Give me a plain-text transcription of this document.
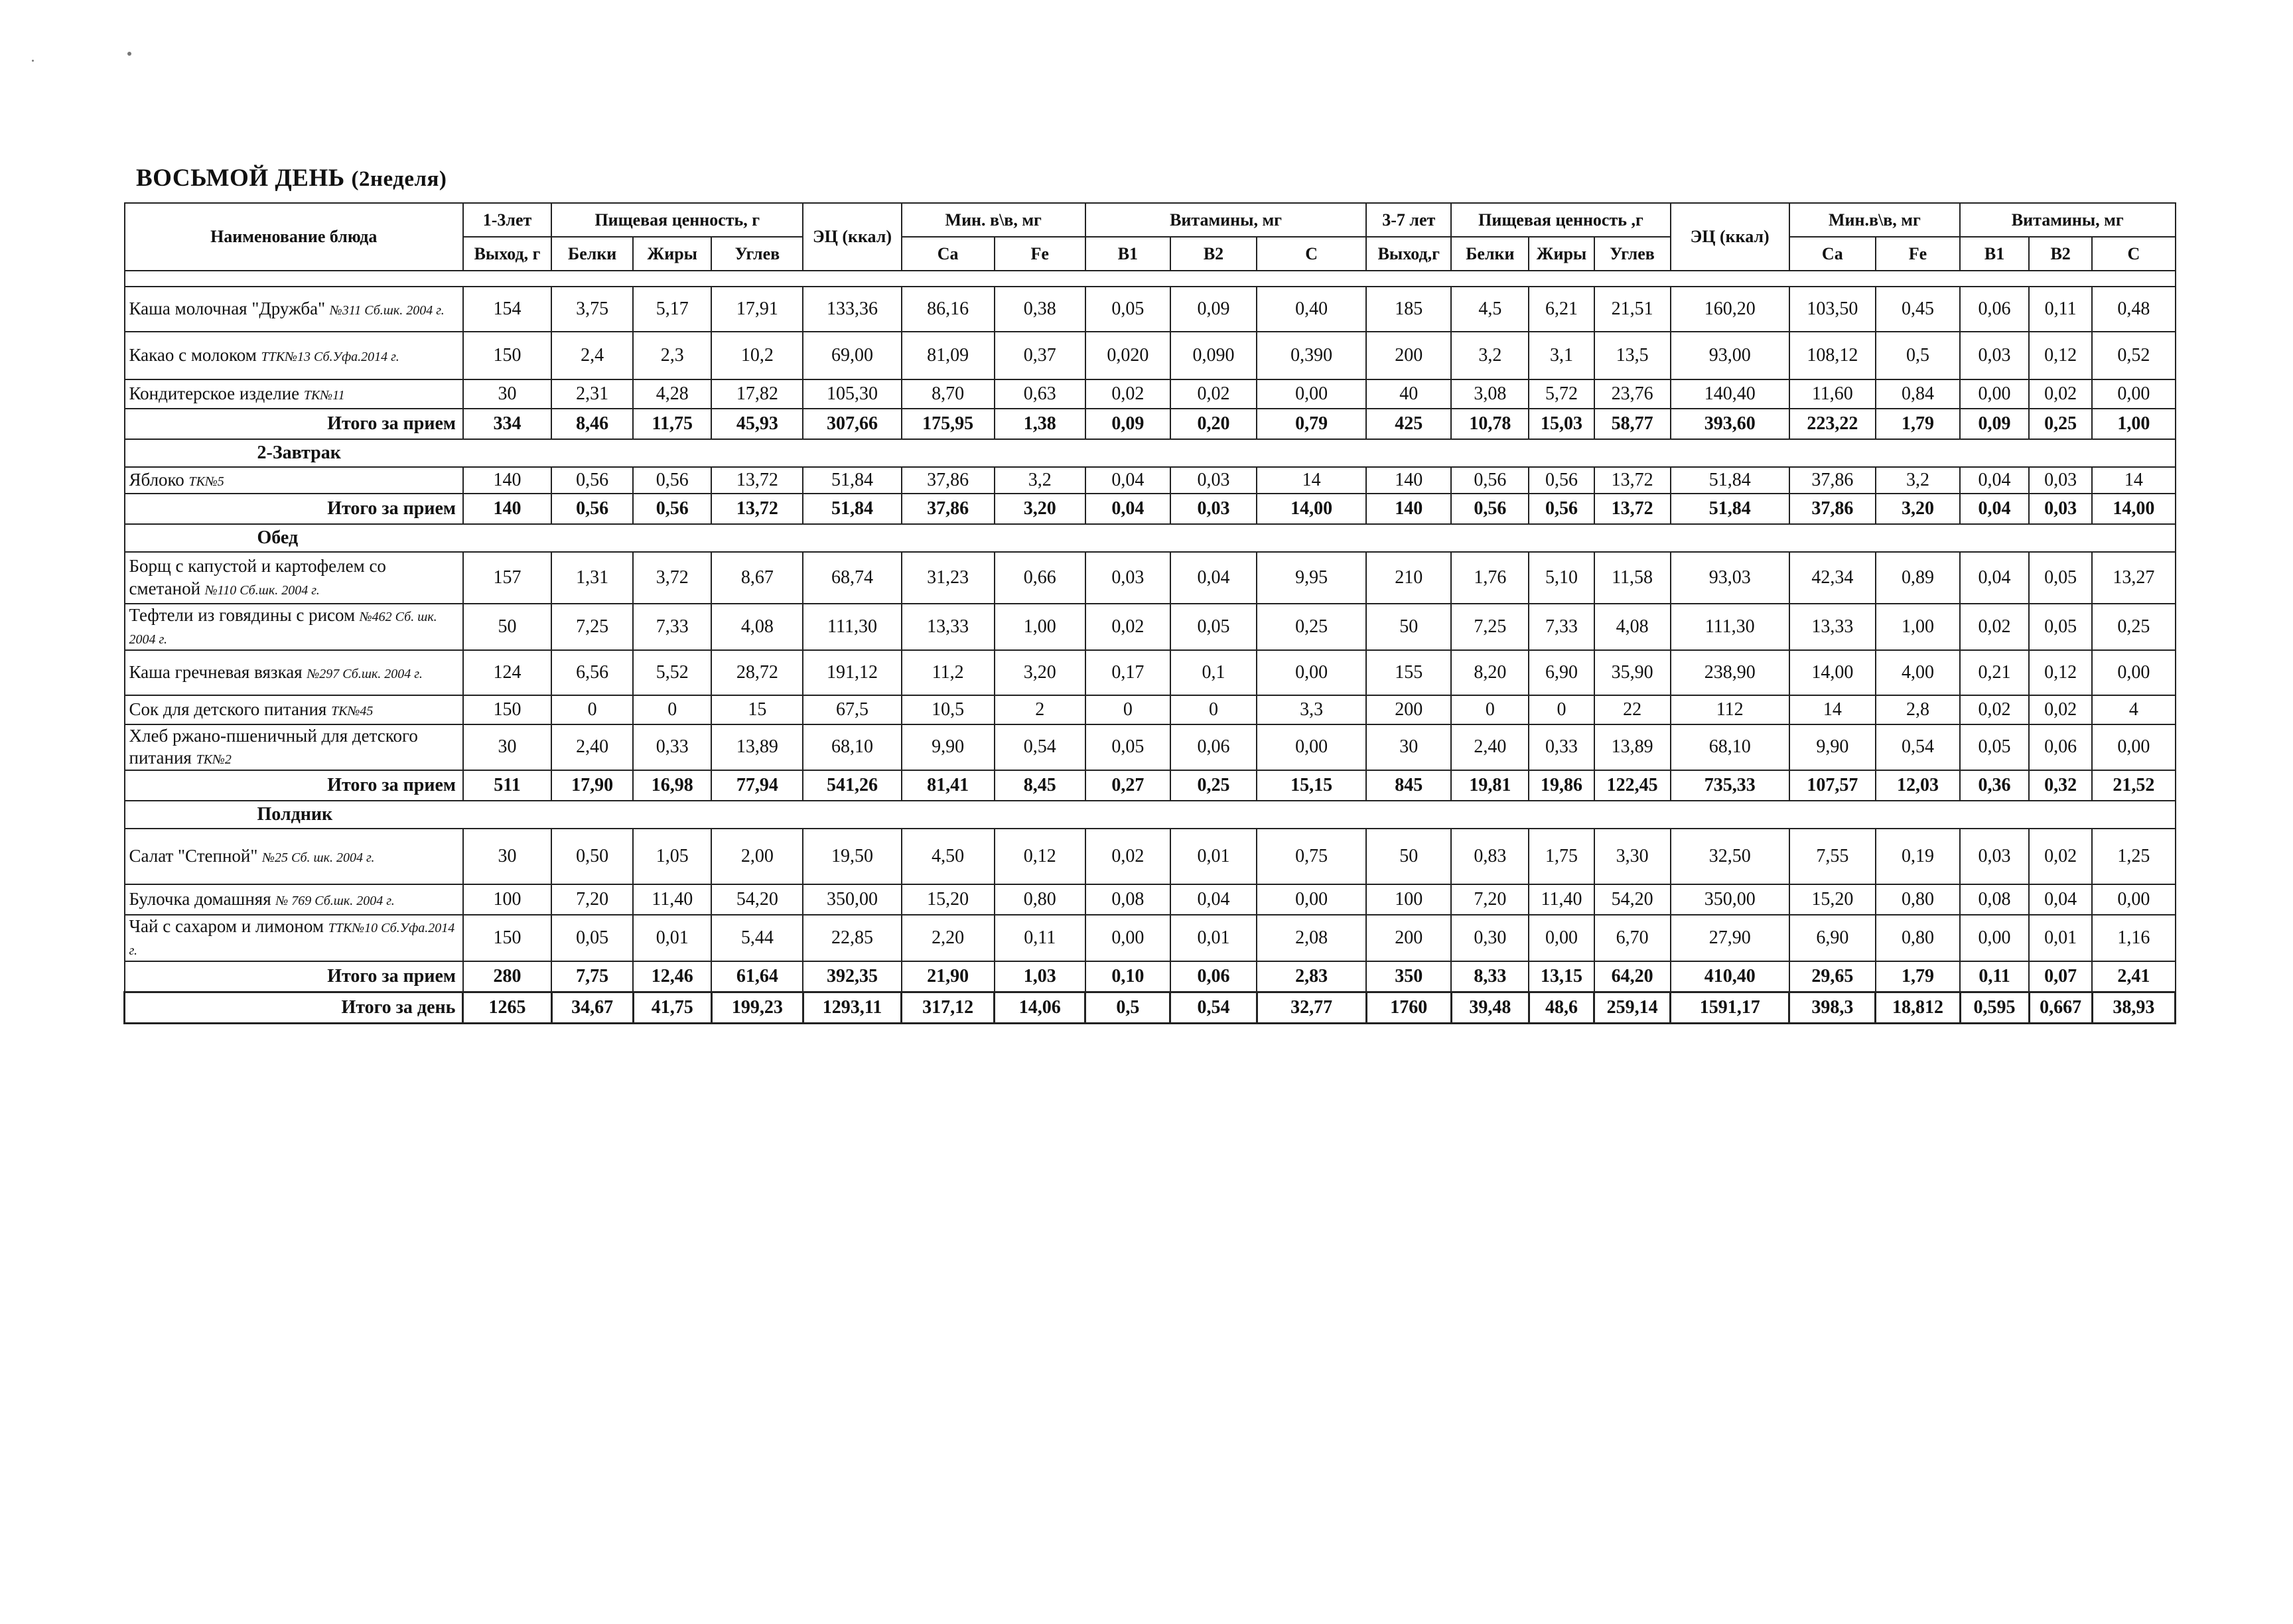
ВОСЬМОЙ ДЕНЬ (2неделя)
Наименование блюда	1-3лет	Пищевая ценность, г			ЭЦ (ккал)	Мин. в\в, мг		Витамины, мг			3-7 лет	Пищевая ценность ,г			ЭЦ (ккал)	Мин.в\в, мг		Витамины, мг		
	Выход, г	Белки	Жиры	Углев		Ca	Fe	B1	B2	C	Выход,г	Белки	Жиры	Углев		Ca	Fe	B1	B2	C

Каша молочная "Дружба" №311 Сб.шк. 2004 г.	154	3,75	5,17	17,91	133,36	86,16	0,38	0,05	0,09	0,40	185	4,5	6,21	21,51	160,20	103,50	0,45	0,06	0,11	0,48
Какао с молоком ТТК№13 Сб.Уфа.2014 г.	150	2,4	2,3	10,2	69,00	81,09	0,37	0,020	0,090	0,390	200	3,2	3,1	13,5	93,00	108,12	0,5	0,03	0,12	0,52
Кондитерское изделие ТК№11	30	2,31	4,28	17,82	105,30	8,70	0,63	0,02	0,02	0,00	40	3,08	5,72	23,76	140,40	11,60	0,84	0,00	0,02	0,00
Итого за прием	334	8,46	11,75	45,93	307,66	175,95	1,38	0,09	0,20	0,79	425	10,78	15,03	58,77	393,60	223,22	1,79	0,09	0,25	1,00
2-Завтрак																				
Яблоко ТК№5	140	0,56	0,56	13,72	51,84	37,86	3,2	0,04	0,03	14	140	0,56	0,56	13,72	51,84	37,86	3,2	0,04	0,03	14
Итого за прием	140	0,56	0,56	13,72	51,84	37,86	3,20	0,04	0,03	14,00	140	0,56	0,56	13,72	51,84	37,86	3,20	0,04	0,03	14,00
Обед																				
Борщ с капустой и картофелем со сметаной №110 Сб.шк. 2004 г.	157	1,31	3,72	8,67	68,74	31,23	0,66	0,03	0,04	9,95	210	1,76	5,10	11,58	93,03	42,34	0,89	0,04	0,05	13,27
Тефтели из говядины с рисом №462 Сб. шк. 2004 г.	50	7,25	7,33	4,08	111,30	13,33	1,00	0,02	0,05	0,25	50	7,25	7,33	4,08	111,30	13,33	1,00	0,02	0,05	0,25
Каша гречневая вязкая №297 Сб.шк. 2004 г.	124	6,56	5,52	28,72	191,12	11,2	3,20	0,17	0,1	0,00	155	8,20	6,90	35,90	238,90	14,00	4,00	0,21	0,12	0,00
Сок для детского питания ТК№45	150	0	0	15	67,5	10,5	2	0	0	3,3	200	0	0	22	112	14	2,8	0,02	0,02	4
Хлеб ржано-пшеничный для детского питания ТК№2	30	2,40	0,33	13,89	68,10	9,90	0,54	0,05	0,06	0,00	30	2,40	0,33	13,89	68,10	9,90	0,54	0,05	0,06	0,00
Итого за прием	511	17,90	16,98	77,94	541,26	81,41	8,45	0,27	0,25	15,15	845	19,81	19,86	122,45	735,33	107,57	12,03	0,36	0,32	21,52
Полдник																				
Салат "Степной" №25 Сб. шк. 2004 г.	30	0,50	1,05	2,00	19,50	4,50	0,12	0,02	0,01	0,75	50	0,83	1,75	3,30	32,50	7,55	0,19	0,03	0,02	1,25
Булочка домашняя № 769 Сб.шк. 2004 г.	100	7,20	11,40	54,20	350,00	15,20	0,80	0,08	0,04	0,00	100	7,20	11,40	54,20	350,00	15,20	0,80	0,08	0,04	0,00
Чай с сахаром и лимоном ТТК№10 Сб.Уфа.2014 г.	150	0,05	0,01	5,44	22,85	2,20	0,11	0,00	0,01	2,08	200	0,30	0,00	6,70	27,90	6,90	0,80	0,00	0,01	1,16
Итого за прием	280	7,75	12,46	61,64	392,35	21,90	1,03	0,10	0,06	2,83	350	8,33	13,15	64,20	410,40	29,65	1,79	0,11	0,07	2,41
Итого за день	1265	34,67	41,75	199,23	1293,11	317,12	14,06	0,5	0,54	32,77	1760	39,48	48,6	259,14	1591,17	398,3	18,812	0,595	0,667	38,93
